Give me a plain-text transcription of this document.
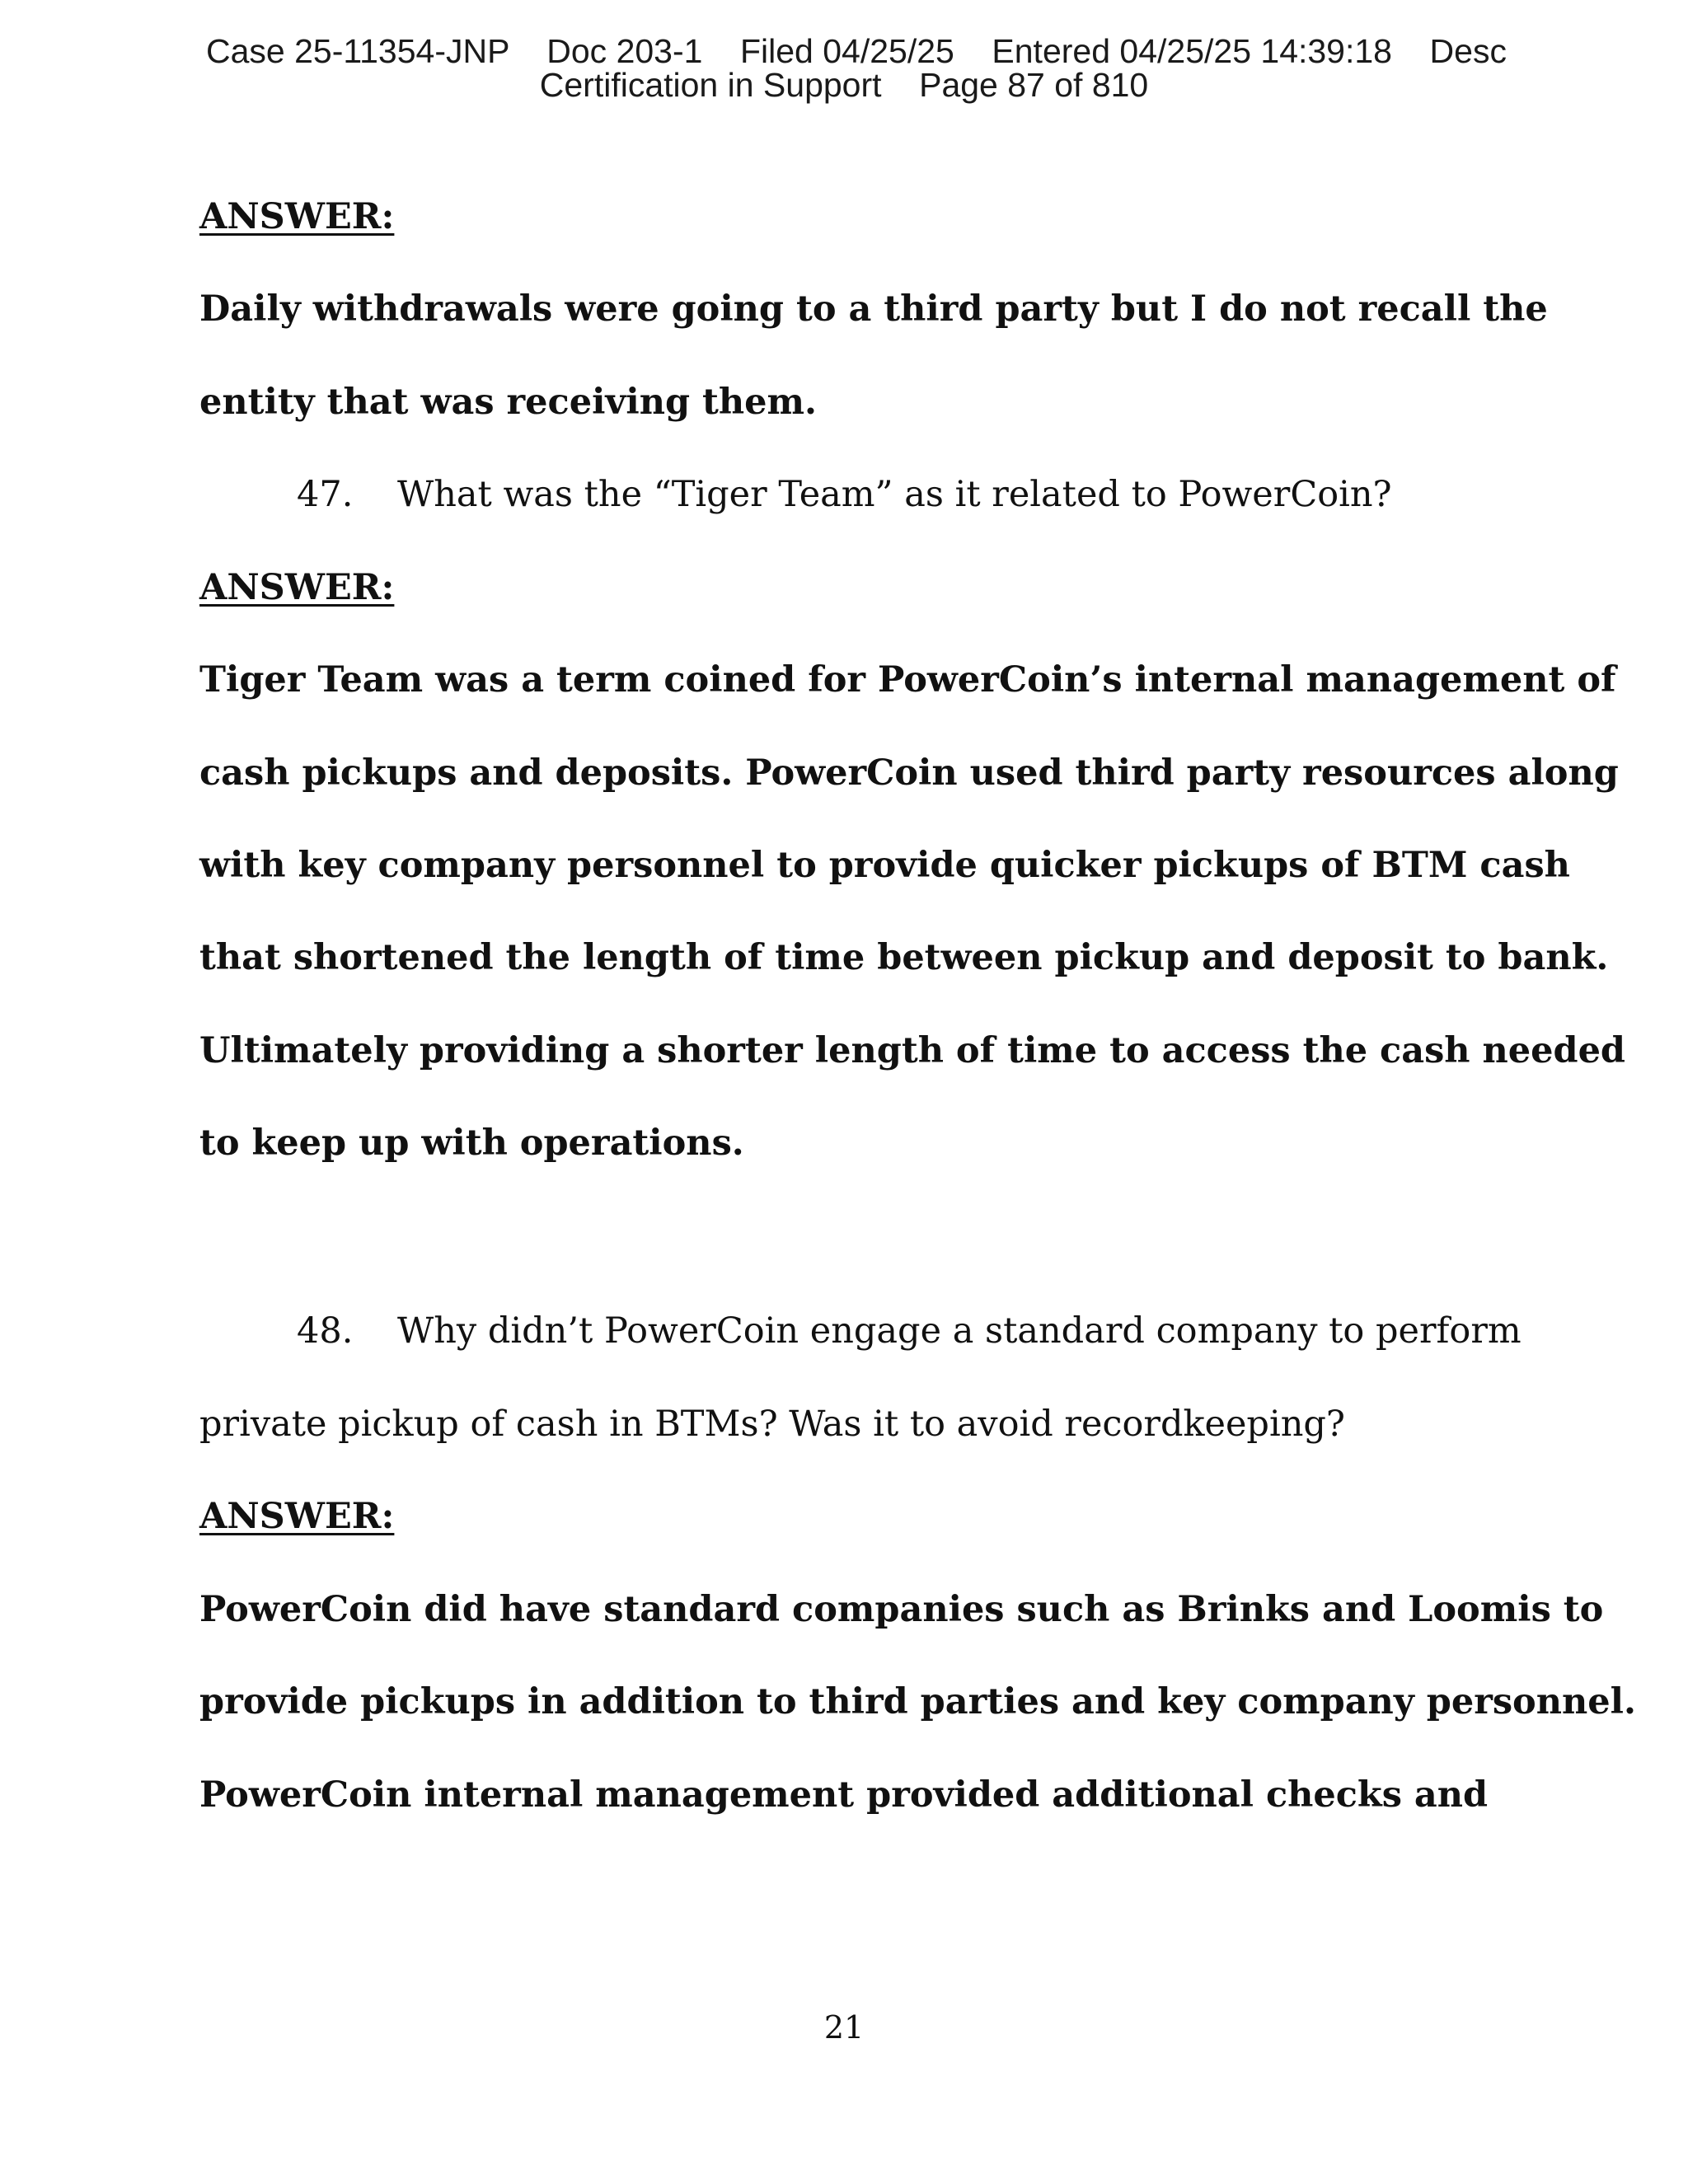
Case 25-11354-JNP    Doc 203-1    Filed 04/25/25    Entered 04/25/25 14:39:18    Desc
Certification in Support    Page 87 of 810
ANSWER:
Daily withdrawals were going to a third party but I do not recall the
entity that was receiving them.
47. What was the “Tiger Team” as it related to PowerCoin?
ANSWER:
Tiger Team was a term coined for PowerCoin’s internal management of
cash pickups and deposits. PowerCoin used third party resources along
with key company personnel to provide quicker pickups of BTM cash
that shortened the length of time between pickup and deposit to bank.
Ultimately providing a shorter length of time to access the cash needed
to keep up with operations.
48. Why didn’t PowerCoin engage a standard company to perform
private pickup of cash in BTMs? Was it to avoid recordkeeping?
ANSWER:
PowerCoin did have standard companies such as Brinks and Loomis to
provide pickups in addition to third parties and key company personnel.
PowerCoin internal management provided additional checks and
21
